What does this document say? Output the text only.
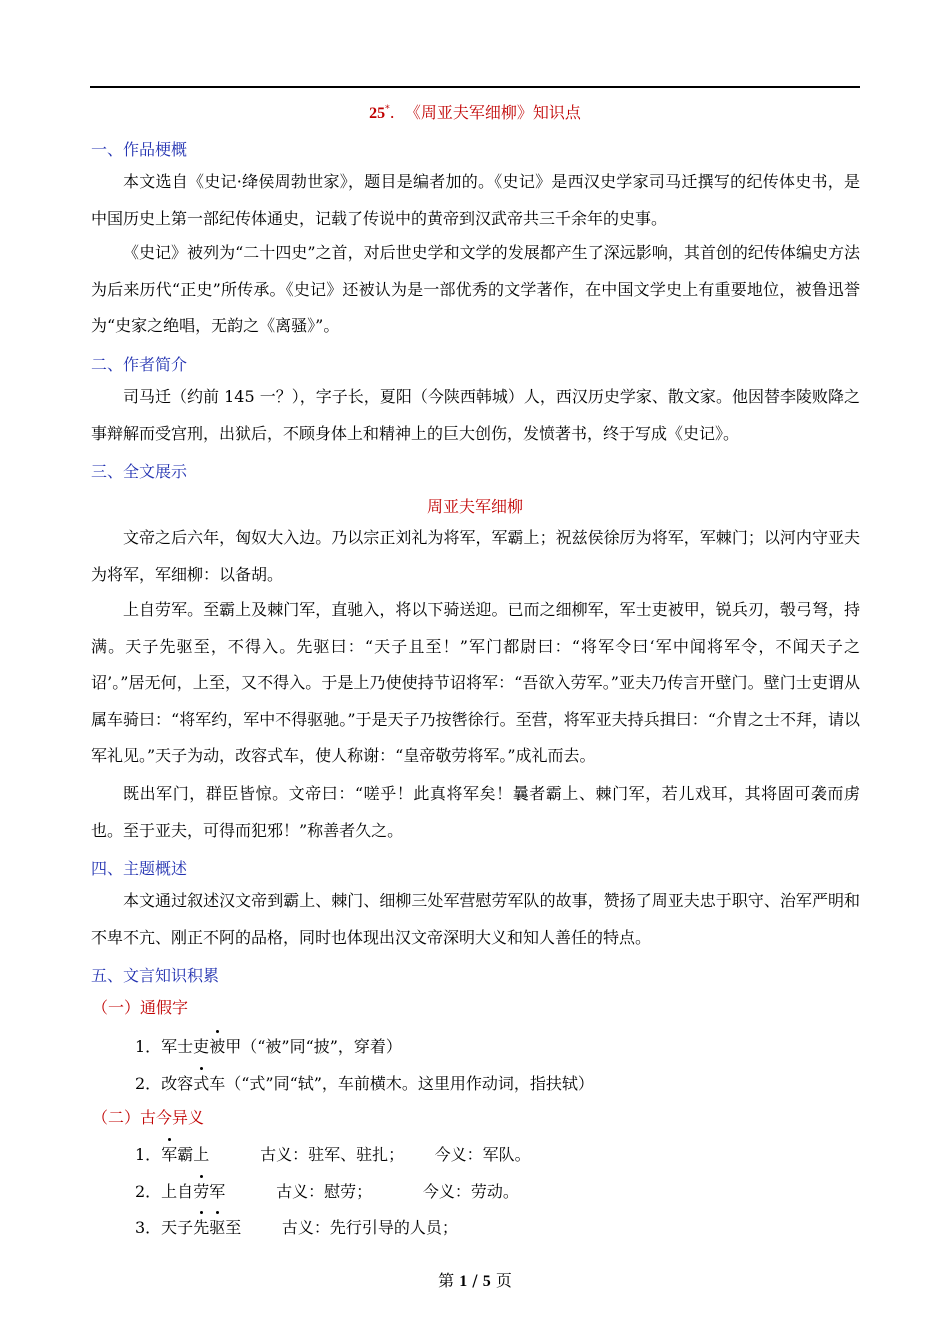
25*. 《周亚夫军细柳》知识点
一、作品梗概

本文选自《史记·绛侯周勃世家》，题目是编者加的。《史记》是西汉史学家司马迁撰写的纪传体史书，是中国历史上第一部纪传体通史，记载了传说中的黄帝到汉武帝共三千余年的史事。

《史记》被列为“二十四史”之首，对后世史学和文学的发展都产生了深远影响，其首创的纪传体编史方法为后来历代“正史”所传承。《史记》还被认为是一部优秀的文学著作，在中国文学史上有重要地位，被鲁迅誉为“史家之绝唱，无韵之《离骚》”。

二、作者简介

司马迁（约前 145 一？），字子长，夏阳（今陕西韩城）人，西汉历史学家、散文家。他因替李陵败降之事辩解而受宫刑，出狱后，不顾身体上和精神上的巨大创伤，发愤著书，终于写成《史记》。

三、全文展示
周亚夫军细柳

文帝之后六年，匈奴大入边。乃以宗正刘礼为将军，军霸上；祝兹侯徐厉为将军，军棘门；以河内守亚夫为将军，军细柳：以备胡。

上自劳军。至霸上及棘门军，直驰入，将以下骑送迎。已而之细柳军，军士吏被甲，锐兵刃，彀弓弩，持满。天子先驱至，不得入。先驱曰：“天子且至！”军门都尉曰：“将军令曰‘军中闻将军令，不闻天子之诏’。”居无何，上至，又不得入。于是上乃使使持节诏将军：“吾欲入劳军。”亚夫乃传言开壁门。壁门士吏谓从属车骑曰：“将军约，军中不得驱驰。”于是天子乃按辔徐行。至营，将军亚夫持兵揖曰：“介胄之士不拜，请以军礼见。”天子为动，改容式车，使人称谢：“皇帝敬劳将军。”成礼而去。

既出军门，群臣皆惊。文帝曰：“嗟乎！此真将军矣！曩者霸上、棘门军，若儿戏耳，其将固可袭而虏也。至于亚夫，可得而犯邪！”称善者久之。

四、主题概述

本文通过叙述汉文帝到霸上、棘门、细柳三处军营慰劳军队的故事，赞扬了周亚夫忠于职守、治军严明和不卑不亢、刚正不阿的品格，同时也体现出汉文帝深明大义和知人善任的特点。

五、文言知识积累
（一）通假字
1．军士吏被甲（“被”同“披”，穿着）
2．改容式车（“式”同“轼”，车前横木。这里用作动词，指扶轼）
（二）古今异义
1．军霸上          古义：驻军、驻扎；      今义：军队。
2．上自劳军          古义：慰劳；          今义：劳动。
3．天子先驱至        古义：先行引导的人员；
第 1 / 5 页
